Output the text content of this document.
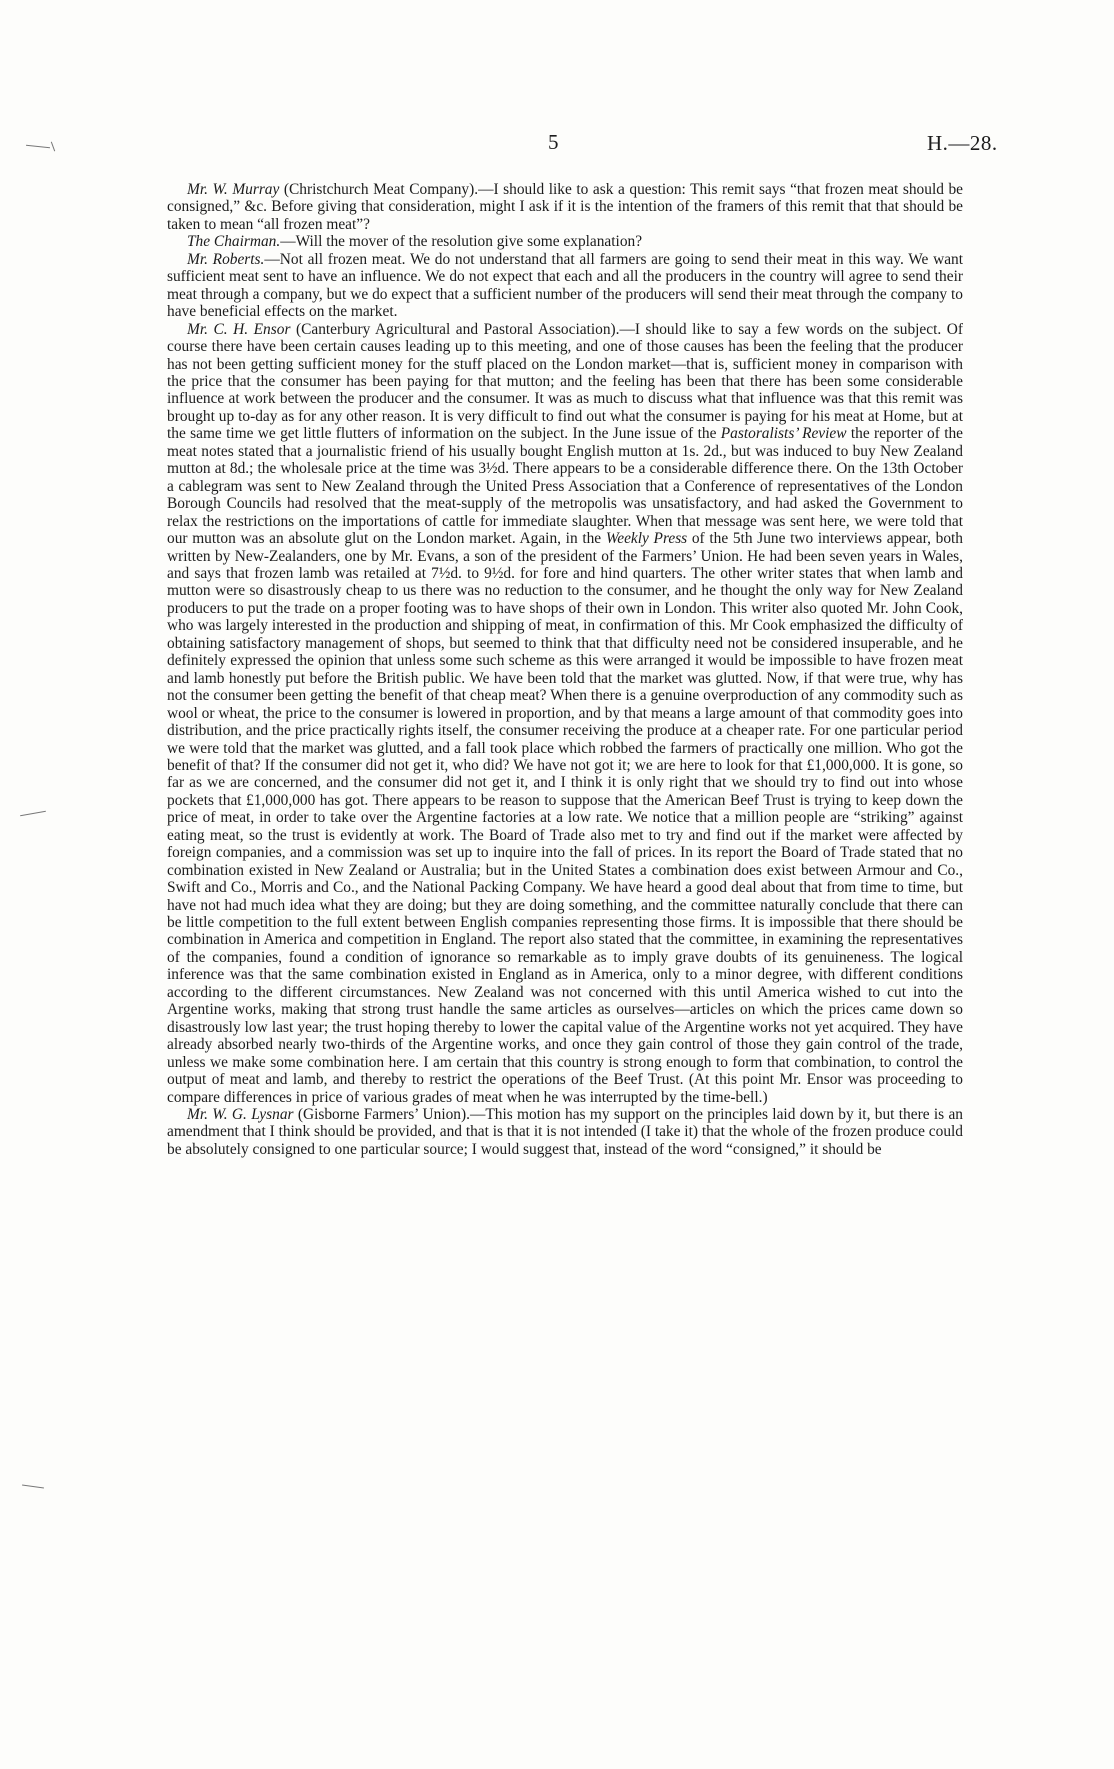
5	H.—28.

Mr. W. Murray (Christchurch Meat Company).—I should like to ask a question: This remit says “that frozen meat should be consigned,” &c. Before giving that consideration, might I ask if it is the intention of the framers of this remit that that should be taken to mean “all frozen meat”?

The Chairman.—Will the mover of the resolution give some explanation?

Mr. Roberts.—Not all frozen meat. We do not understand that all farmers are going to send their meat in this way. We want sufficient meat sent to have an influence. We do not expect that each and all the producers in the country will agree to send their meat through a company, but we do expect that a sufficient number of the producers will send their meat through the company to have beneficial effects on the market.

Mr. C. H. Ensor (Canterbury Agricultural and Pastoral Association).—I should like to say a few words on the subject. Of course there have been certain causes leading up to this meeting, and one of those causes has been the feeling that the producer has not been getting sufficient money for the stuff placed on the London market—that is, sufficient money in comparison with the price that the consumer has been paying for that mutton; and the feeling has been that there has been some considerable influence at work between the producer and the consumer. It was as much to discuss what that influence was that this remit was brought up to-day as for any other reason. It is very difficult to find out what the consumer is paying for his meat at Home, but at the same time we get little flutters of information on the subject. In the June issue of the Pastoralists’ Review the reporter of the meat notes stated that a journalistic friend of his usually bought English mutton at 1s. 2d., but was induced to buy New Zealand mutton at 8d.; the wholesale price at the time was 3½d. There appears to be a considerable difference there. On the 13th October a cablegram was sent to New Zealand through the United Press Association that a Conference of representatives of the London Borough Councils had resolved that the meat-supply of the metropolis was unsatisfactory, and had asked the Government to relax the restrictions on the importations of cattle for immediate slaughter. When that message was sent here, we were told that our mutton was an absolute glut on the London market. Again, in the Weekly Press of the 5th June two interviews appear, both written by New-Zealanders, one by Mr. Evans, a son of the president of the Farmers’ Union. He had been seven years in Wales, and says that frozen lamb was retailed at 7½d. to 9½d. for fore and hind quarters. The other writer states that when lamb and mutton were so disastrously cheap to us there was no reduction to the consumer, and he thought the only way for New Zealand producers to put the trade on a proper footing was to have shops of their own in London. This writer also quoted Mr. John Cook, who was largely interested in the production and shipping of meat, in confirmation of this. Mr Cook emphasized the difficulty of obtaining satisfactory management of shops, but seemed to think that that difficulty need not be considered insuperable, and he definitely expressed the opinion that unless some such scheme as this were arranged it would be impossible to have frozen meat and lamb honestly put before the British public. We have been told that the market was glutted. Now, if that were true, why has not the consumer been getting the benefit of that cheap meat? When there is a genuine overproduction of any commodity such as wool or wheat, the price to the consumer is lowered in proportion, and by that means a large amount of that commodity goes into distribution, and the price practically rights itself, the consumer receiving the produce at a cheaper rate. For one particular period we were told that the market was glutted, and a fall took place which robbed the farmers of practically one million. Who got the benefit of that? If the consumer did not get it, who did? We have not got it; we are here to look for that £1,000,000. It is gone, so far as we are concerned, and the consumer did not get it, and I think it is only right that we should try to find out into whose pockets that £1,000,000 has got. There appears to be reason to suppose that the American Beef Trust is trying to keep down the price of meat, in order to take over the Argentine factories at a low rate. We notice that a million people are “striking” against eating meat, so the trust is evidently at work. The Board of Trade also met to try and find out if the market were affected by foreign companies, and a commission was set up to inquire into the fall of prices. In its report the Board of Trade stated that no combination existed in New Zealand or Australia; but in the United States a combination does exist between Armour and Co., Swift and Co., Morris and Co., and the National Packing Company. We have heard a good deal about that from time to time, but have not had much idea what they are doing; but they are doing something, and the committee naturally conclude that there can be little competition to the full extent between English companies representing those firms. It is impossible that there should be combination in America and competition in England. The report also stated that the committee, in examining the representatives of the companies, found a condition of ignorance so remarkable as to imply grave doubts of its genuineness. The logical inference was that the same combination existed in England as in America, only to a minor degree, with different conditions according to the different circumstances. New Zealand was not concerned with this until America wished to cut into the Argentine works, making that strong trust handle the same articles as ourselves—articles on which the prices came down so disastrously low last year; the trust hoping thereby to lower the capital value of the Argentine works not yet acquired. They have already absorbed nearly two-thirds of the Argentine works, and once they gain control of those they gain control of the trade, unless we make some combination here. I am certain that this country is strong enough to form that combination, to control the output of meat and lamb, and thereby to restrict the operations of the Beef Trust. (At this point Mr. Ensor was proceeding to compare differences in price of various grades of meat when he was interrupted by the time-bell.)

Mr. W. G. Lysnar (Gisborne Farmers’ Union).—This motion has my support on the principles laid down by it, but there is an amendment that I think should be provided, and that is that it is not intended (I take it) that the whole of the frozen produce could be absolutely consigned to one particular source; I would suggest that, instead of the word “consigned,” it should be
